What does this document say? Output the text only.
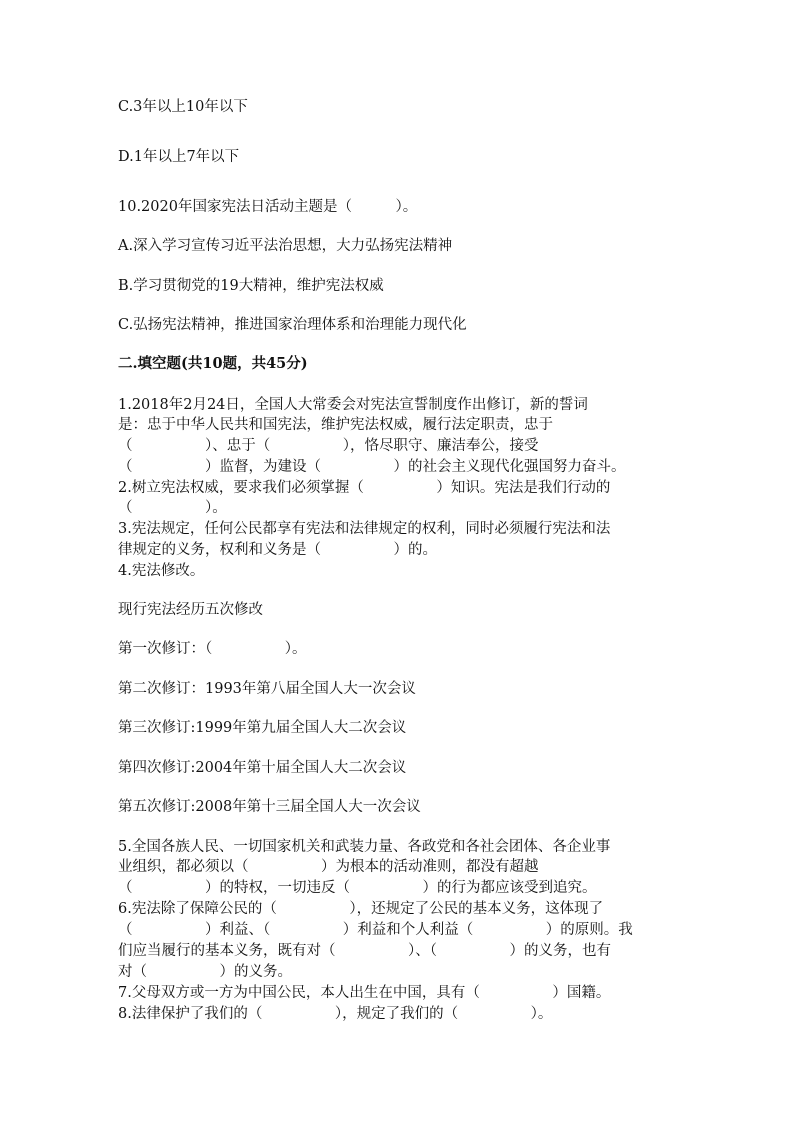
C.3年以上10年以下
D.1年以上7年以下
10.2020年国家宪法日活动主题是（　　　）。
A.深入学习宣传习近平法治思想，大力弘扬宪法精神
B.学习贯彻党的19大精神，维护宪法权威
C.弘扬宪法精神，推进国家治理体系和治理能力现代化
二.填空题(共10题，共45分)
1.2018年2月24日，全国人大常委会对宪法宣誓制度作出修订，新的誓词
是：忠于中华人民共和国宪法，维护宪法权威，履行法定职责，忠于
（　　　　　）、忠于（　　　　　），恪尽职守、廉洁奉公，接受
（　　　　　）监督，为建设（　　　　　）的社会主义现代化强国努力奋斗。
2.树立宪法权威，要求我们必须掌握（　　　　　）知识。宪法是我们行动的
（　　　　　）。
3.宪法规定，任何公民都享有宪法和法律规定的权利，同时必须履行宪法和法
律规定的义务，权利和义务是（　　　　　）的。
4.宪法修改。
现行宪法经历五次修改
第一次修订：（　　　　　）。
第二次修订：1993年第八届全国人大一次会议
第三次修订:1999年第九届全国人大二次会议
第四次修订:2004年第十届全国人大二次会议
第五次修订:2008年第十三届全国人大一次会议
5.全国各族人民、一切国家机关和武装力量、各政党和各社会团体、各企业事
业组织，都必须以（　　　　　）为根本的活动准则，都没有超越
（　　　　　）的特权，一切违反（　　　　　）的行为都应该受到追究。
6.宪法除了保障公民的（　　　　　），还规定了公民的基本义务，这体现了
（　　　　　）利益、（　　　　　）利益和个人利益（　　　　　）的原则。我
们应当履行的基本义务，既有对（　　　　　）、（　　　　　）的义务，也有
对（　　　　　）的义务。
7.父母双方或一方为中国公民，本人出生在中国，具有（　　　　　）国籍。
8.法律保护了我们的（　　　　　），规定了我们的（　　　　　）。
